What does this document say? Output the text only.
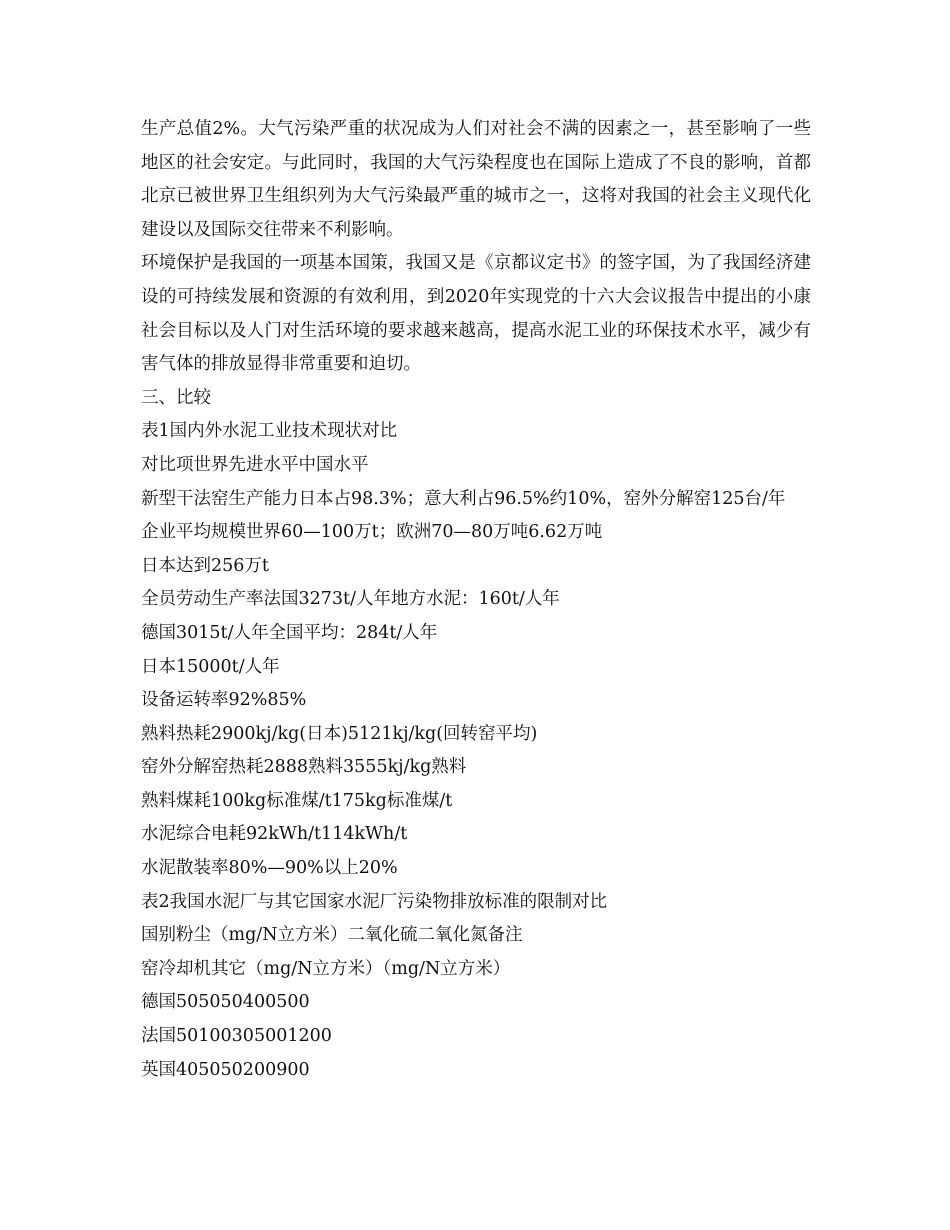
生产总值2%。大气污染严重的状况成为人们对社会不满的因素之一，甚至影响了一些地区的社会安定。与此同时，我国的大气污染程度也在国际上造成了不良的影响，首都北京已被世界卫生组织列为大气污染最严重的城市之一，这将对我国的社会主义现代化建设以及国际交往带来不利影响。

环境保护是我国的一项基本国策，我国又是《京都议定书》的签字国，为了我国经济建设的可持续发展和资源的有效利用，到2020年实现党的十六大会议报告中提出的小康社会目标以及人门对生活环境的要求越来越高，提高水泥工业的环保技术水平，减少有害气体的排放显得非常重要和迫切。

三、比较

表1国内外水泥工业技术现状对比

对比项世界先进水平中国水平

新型干法窑生产能力日本占98.3%；意大利占96.5%约10%，窑外分解窑125台/年

企业平均规模世界60—100万t；欧洲70—80万吨6.62万吨

日本达到256万t

全员劳动生产率法国3273t/人年地方水泥：160t/人年

德国3015t/人年全国平均：284t/人年

日本15000t/人年

设备运转率92%85%

熟料热耗2900kj/kg(日本)5121kj/kg(回转窑平均)

窑外分解窑热耗2888熟料3555kj/kg熟料

熟料煤耗100kg标准煤/t175kg标准煤/t

水泥综合电耗92kWh/t114kWh/t

水泥散装率80%—90%以上20%

表2我国水泥厂与其它国家水泥厂污染物排放标准的限制对比

国别粉尘（mg/N立方米）二氧化硫二氧化氮备注

窑冷却机其它（mg/N立方米）（mg/N立方米）

德国505050400500

法国50100305001200

英国405050200900
